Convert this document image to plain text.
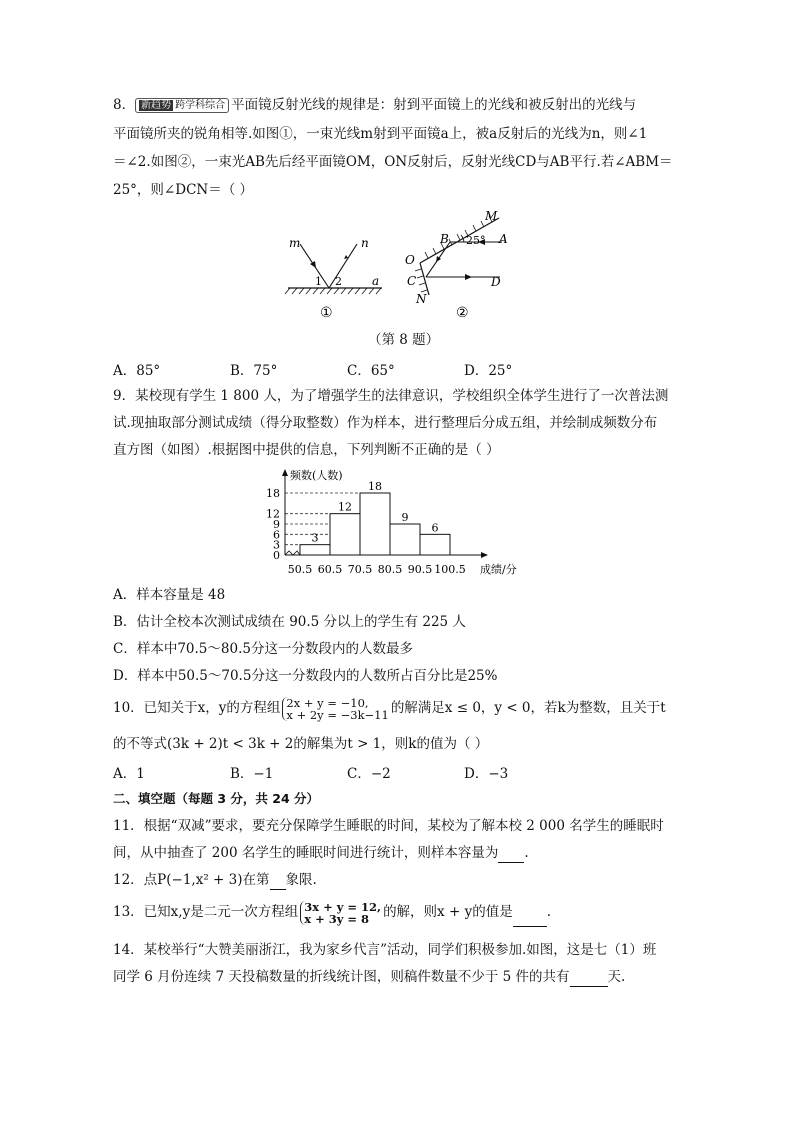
8． 新趋势 跨学科综合 平面镜反射光线的规律是：射到平面镜上的光线和被反射出的光线与
平面镜所夹的锐角相等.如图①，一束光线m射到平面镜a上，被a反射后的光线为n，则∠1
＝∠2.如图②，一束光AB先后经平面镜OM，ON反射后，反射光线CD与AB平行.若∠ABM＝
25°，则∠DCN＝（ ）
m	n
1 2	a
①
M
B 25° A
O
C	D
N
②
（第 8 题）
A．85°	B．75°	C．65°	D．25°
9．某校现有学生 1 800 人，为了增强学生的法律意识，学校组织全体学生进行了一次普法测
试.现抽取部分测试成绩（得分取整数）作为样本，进行整理后分成五组，并绘制成频数分布
直方图（如图）.根据图中提供的信息，下列判断不正确的是（ ）
0
3
6
9
12
18
3
12
18
9
6
50.5 60.5 70.5 80.5 90.5 100.5
频数(人数)
成绩/分
A．样本容量是 48
B．估计全校本次测试成绩在 90.5 分以上的学生有 225 人
C．样本中70.5～80.5分这一分数段内的人数最多
D．样本中50.5～70.5分这一分数段内的人数所占百分比是25%
10．已知关于x，y的方程组 2x + y = −10,
x + 2y = −3k−11 的解满足x ≤ 0，y < 0，若k为整数，且关于t
的不等式(3k + 2)t < 3k + 2的解集为t > 1，则k的值为（ ）
A．1	B．−1	C．−2	D．−3
二、填空题（每题 3 分，共 24 分）
11．根据“双减”要求，要充分保障学生睡眠的时间，某校为了解本校 2 000 名学生的睡眠时
间，从中抽查了 200 名学生的睡眠时间进行统计，则样本容量为 .
12．点P(−1,x² + 3)在第 象限.
13．已知x,y是二元一次方程组 3x + y = 12,
x + 3y = 8 的解，则x + y的值是	.
14．某校举行“大赞美丽浙江，我为家乡代言”活动，同学们积极参加.如图，这是七（1）班
同学 6 月份连续 7 天投稿数量的折线统计图，则稿件数量不少于 5 件的共有	天.
